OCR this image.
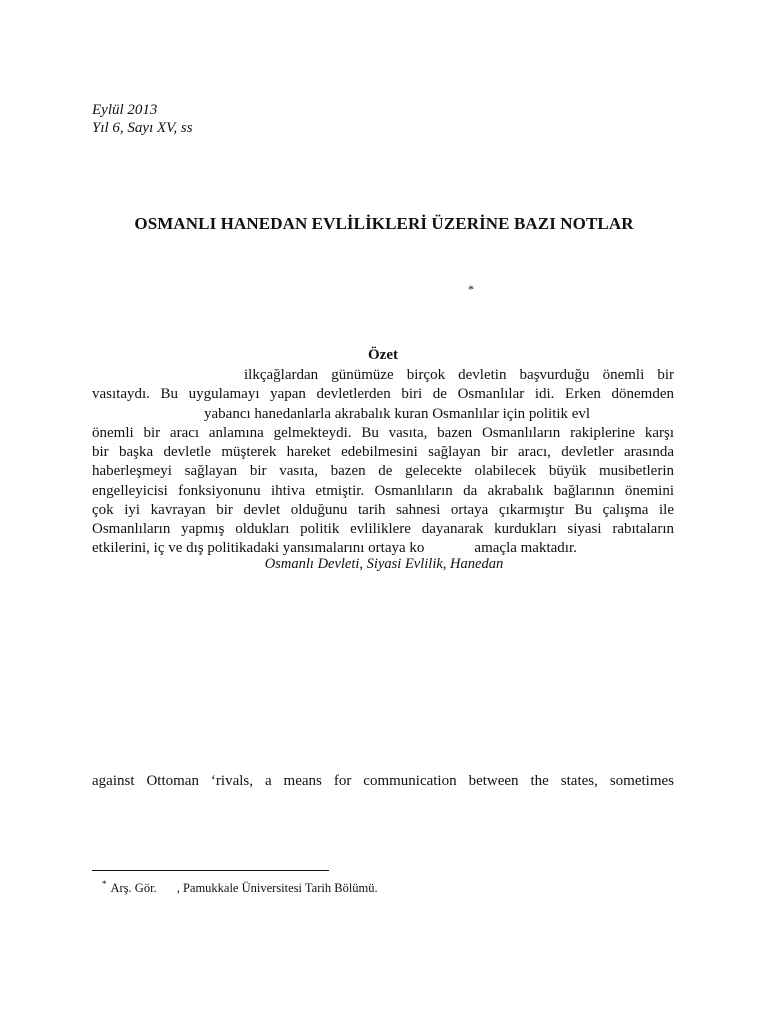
Eylül 2013
Yıl 6, Sayı XV, ss
OSMANLI HANEDAN EVLİLİKLERİ ÜZERİNE BAZI NOTLAR
*
Özet
ilkçağlardan günümüze birçok devletin başvurduğu önemli bir
vasıtaydı. Bu uygulamayı yapan devletlerden biri de Osmanlılar idi. Erken dönemden
yabancı hanedanlarla akrabalık kuran Osmanlılar için politik evl
önemli bir aracı anlamına gelmekteydi. Bu vasıta, bazen Osmanlıların rakiplerine karşı
bir başka devletle müşterek hareket edebilmesini sağlayan bir aracı, devletler arasında
haberleşmeyi sağlayan bir vasıta, bazen de gelecekte olabilecek büyük musibetlerin
engelleyicisi fonksiyonunu ihtiva etmiştir. Osmanlıların da akrabalık bağlarının önemini
çok iyi kavrayan bir devlet olduğunu tarih sahnesi ortaya çıkarmıştır Bu çalışma ile
Osmanlıların yapmış oldukları politik evliliklere dayanarak kurdukları siyasi rabıtaların
etkilerini, iç ve dış politikadaki yansımalarını ortaya ko	amaçla maktadır.
Osmanlı Devleti, Siyasi Evlilik, Hanedan
against Ottoman ‘rivals, a means for communication between the states, sometimes
* Arş. Gör. , Pamukkale Üniversitesi Tarih Bölümü.
